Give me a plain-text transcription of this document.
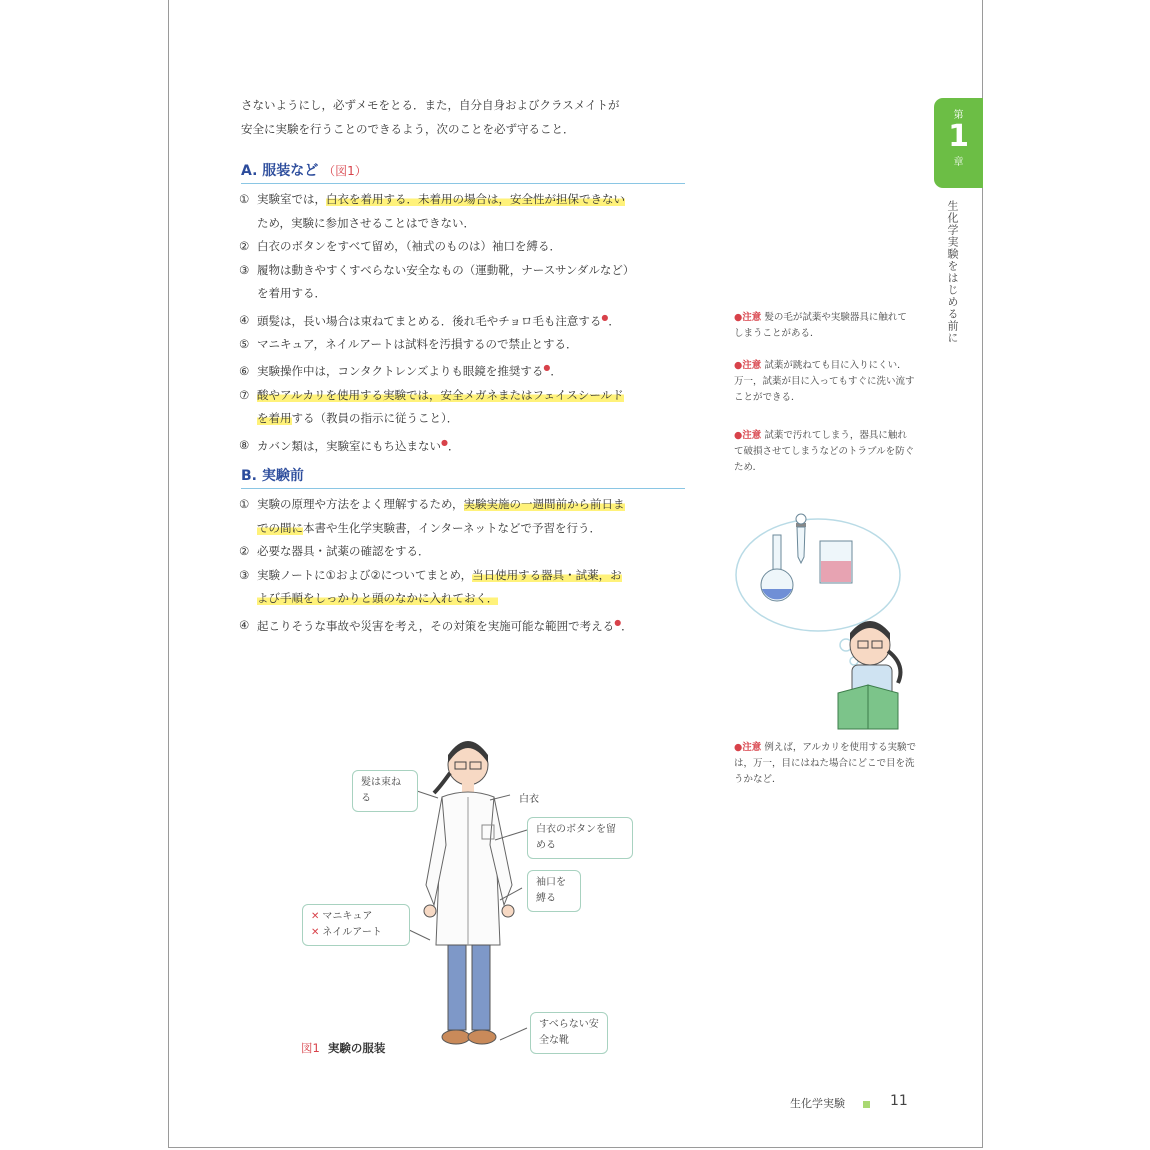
さないようにし，必ずメモをとる．また，自分自身およびクラスメイトが
安全に実験を行うことのできるよう，次のことを必ず守ること．
A. 服装など （図1）
① 実験室では，白衣を着用する．未着用の場合は，安全性が担保できない
ため，実験に参加させることはできない．
② 白衣のボタンをすべて留め，（袖式のものは）袖口を縛る．
③ 履物は動きやすくすべらない安全なもの（運動靴，ナースサンダルなど）
を着用する．
④ 頭髪は，長い場合は束ねてまとめる．後れ毛やチョロ毛も注意する●．
⑤ マニキュア，ネイルアートは試料を汚損するので禁止とする．
⑥ 実験操作中は，コンタクトレンズよりも眼鏡を推奨する●．
⑦ 酸やアルカリを使用する実験では，安全メガネまたはフェイスシールド
を着用する（教員の指示に従うこと）．
⑧ カバン類は，実験室にもち込まない●．
B. 実験前
① 実験の原理や方法をよく理解するため，実験実施の一週間前から前日ま
での間に本書や生化学実験書，インターネットなどで予習を行う．
② 必要な器具・試薬の確認をする．
③ 実験ノートに①および②についてまとめ，当日使用する器具・試薬，お
よび手順をしっかりと頭のなかに入れておく．
④ 起こりそうな事故や災害を考え，その対策を実施可能な範囲で考える●．
第
1
章
生化学実験をはじめる前に
●注意 髪の毛が試薬や実験器具に触れてしまうことがある．
●注意 試薬が跳ねても目に入りにくい．万一，試薬が目に入ってもすぐに洗い流すことができる．
●注意 試薬で汚れてしまう，器具に触れて破損させてしまうなどのトラブルを防ぐため．
●注意 例えば，アルカリを使用する実験では，万一，目にはねた場合にどこで目を洗うかなど．
髪は束ねる	白衣
白衣のボタンを留める
袖口を縛る
✕ マニキュア
✕ ネイルアート
すべらない安全な靴
図1 実験の服装
生化学実験	11
